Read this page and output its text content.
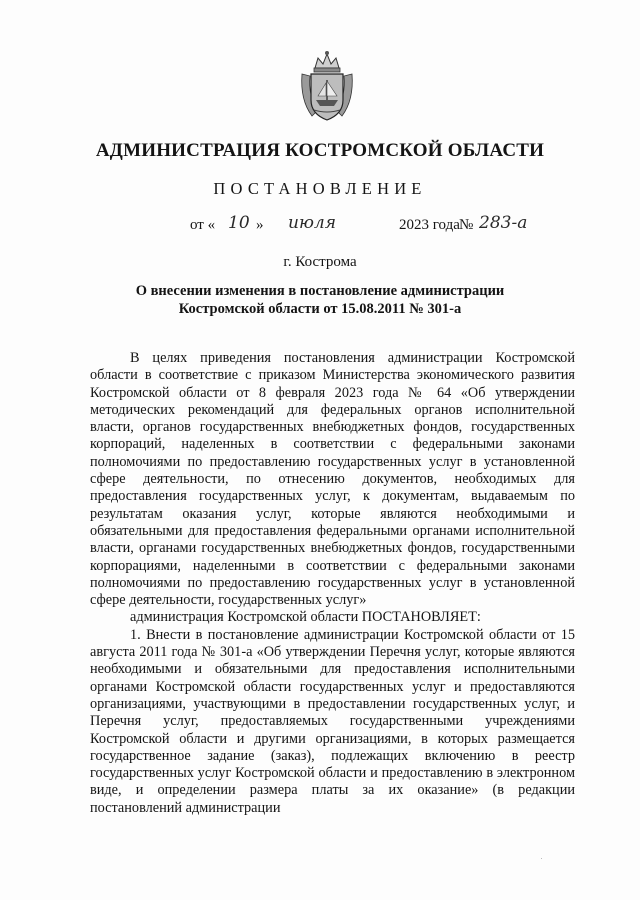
АДМИНИСТРАЦИЯ КОСТРОМСКОЙ ОБЛАСТИ
ПОСТАНОВЛЕНИЕ
от « 10 » июля	2023 года № 283-а
г. Кострома
О внесении изменения в постановление администрации
Костромской области от 15.08.2011 № 301-а

В целях приведения постановления администрации Костромской области в соответствие с приказом Министерства экономического развития Костромской области от 8 февраля 2023 года № 64 «Об утверждении методических рекомендаций для федеральных органов исполнительной власти, органов государственных внебюджетных фондов, государственных корпораций, наделенных в соответствии с федеральными законами полномочиями по предоставлению государственных услуг в установленной сфере деятельности, по отнесению документов, необходимых для предоставления государственных услуг, к документам, выдаваемым по результатам оказания услуг, которые являются необходимыми и обязательными для предоставления федеральными органами исполнительной власти, органами государственных внебюджетных фондов, государственными корпорациями, наделенными в соответствии с федеральными законами полномочиями по предоставлению государственных услуг в установленной сфере деятельности, государственных услуг»

администрация Костромской области ПОСТАНОВЛЯЕТ:

1. Внести в постановление администрации Костромской области от 15 августа 2011 года № 301-а «Об утверждении Перечня услуг, которые являются необходимыми и обязательными для предоставления исполнительными органами Костромской области государственных услуг и предоставляются организациями, участвующими в предоставлении государственных услуг, и Перечня услуг, предоставляемых государственными учреждениями Костромской области и другими организациями, в которых размещается государственное задание (заказ), подлежащих включению в реестр государственных услуг Костромской области и предоставлению в электронном виде, и определении размера платы за их оказание» (в редакции постановлений администрации
